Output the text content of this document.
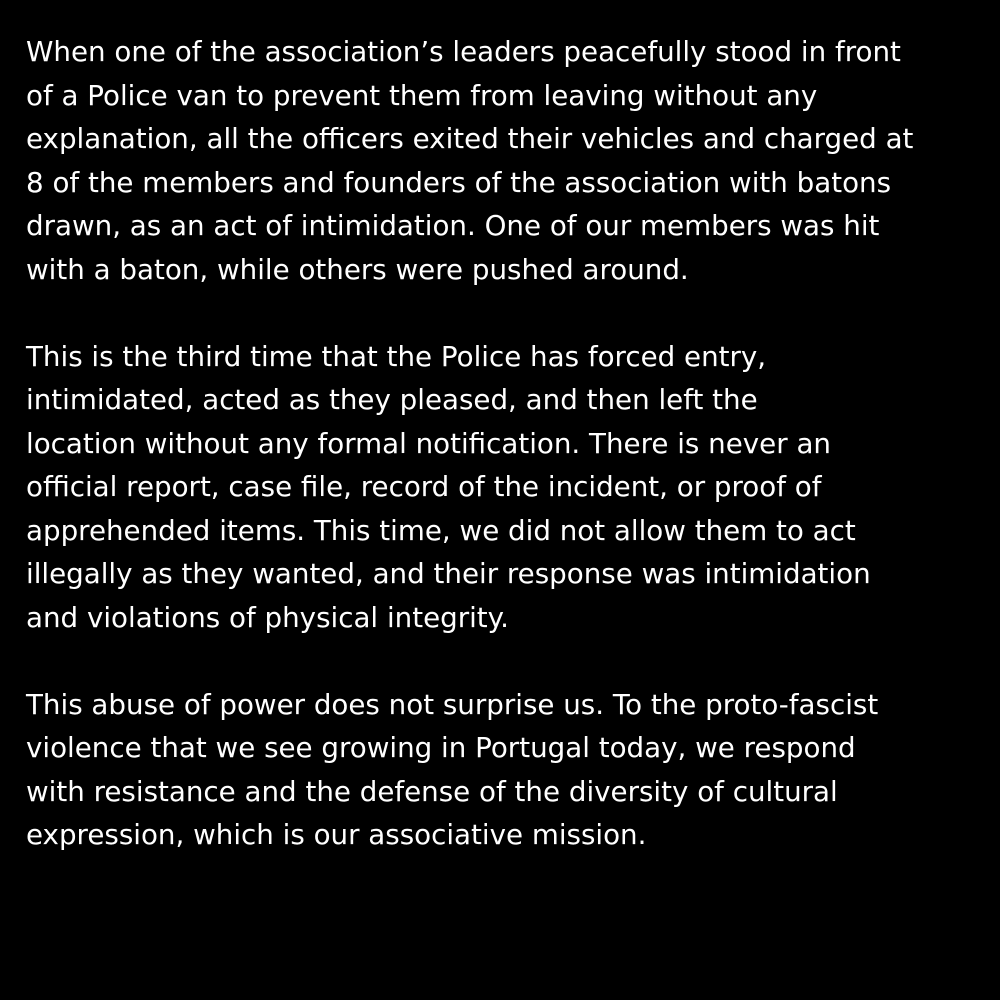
When one of the association’s leaders peacefully stood in front
of a Police van to prevent them from leaving without any
explanation, all the officers exited their vehicles and charged at
8 of the members and founders of the association with batons
drawn, as an act of intimidation. One of our members was hit
with a baton, while others were pushed around.

This is the third time that the Police has forced entry,
intimidated, acted as they pleased, and then left the
location without any formal notification. There is never an
official report, case file, record of the incident, or proof of
apprehended items. This time, we did not allow them to act
illegally as they wanted, and their response was intimidation
and violations of physical integrity.

This abuse of power does not surprise us. To the proto-fascist
violence that we see growing in Portugal today, we respond
with resistance and the defense of the diversity of cultural
expression, which is our associative mission.
